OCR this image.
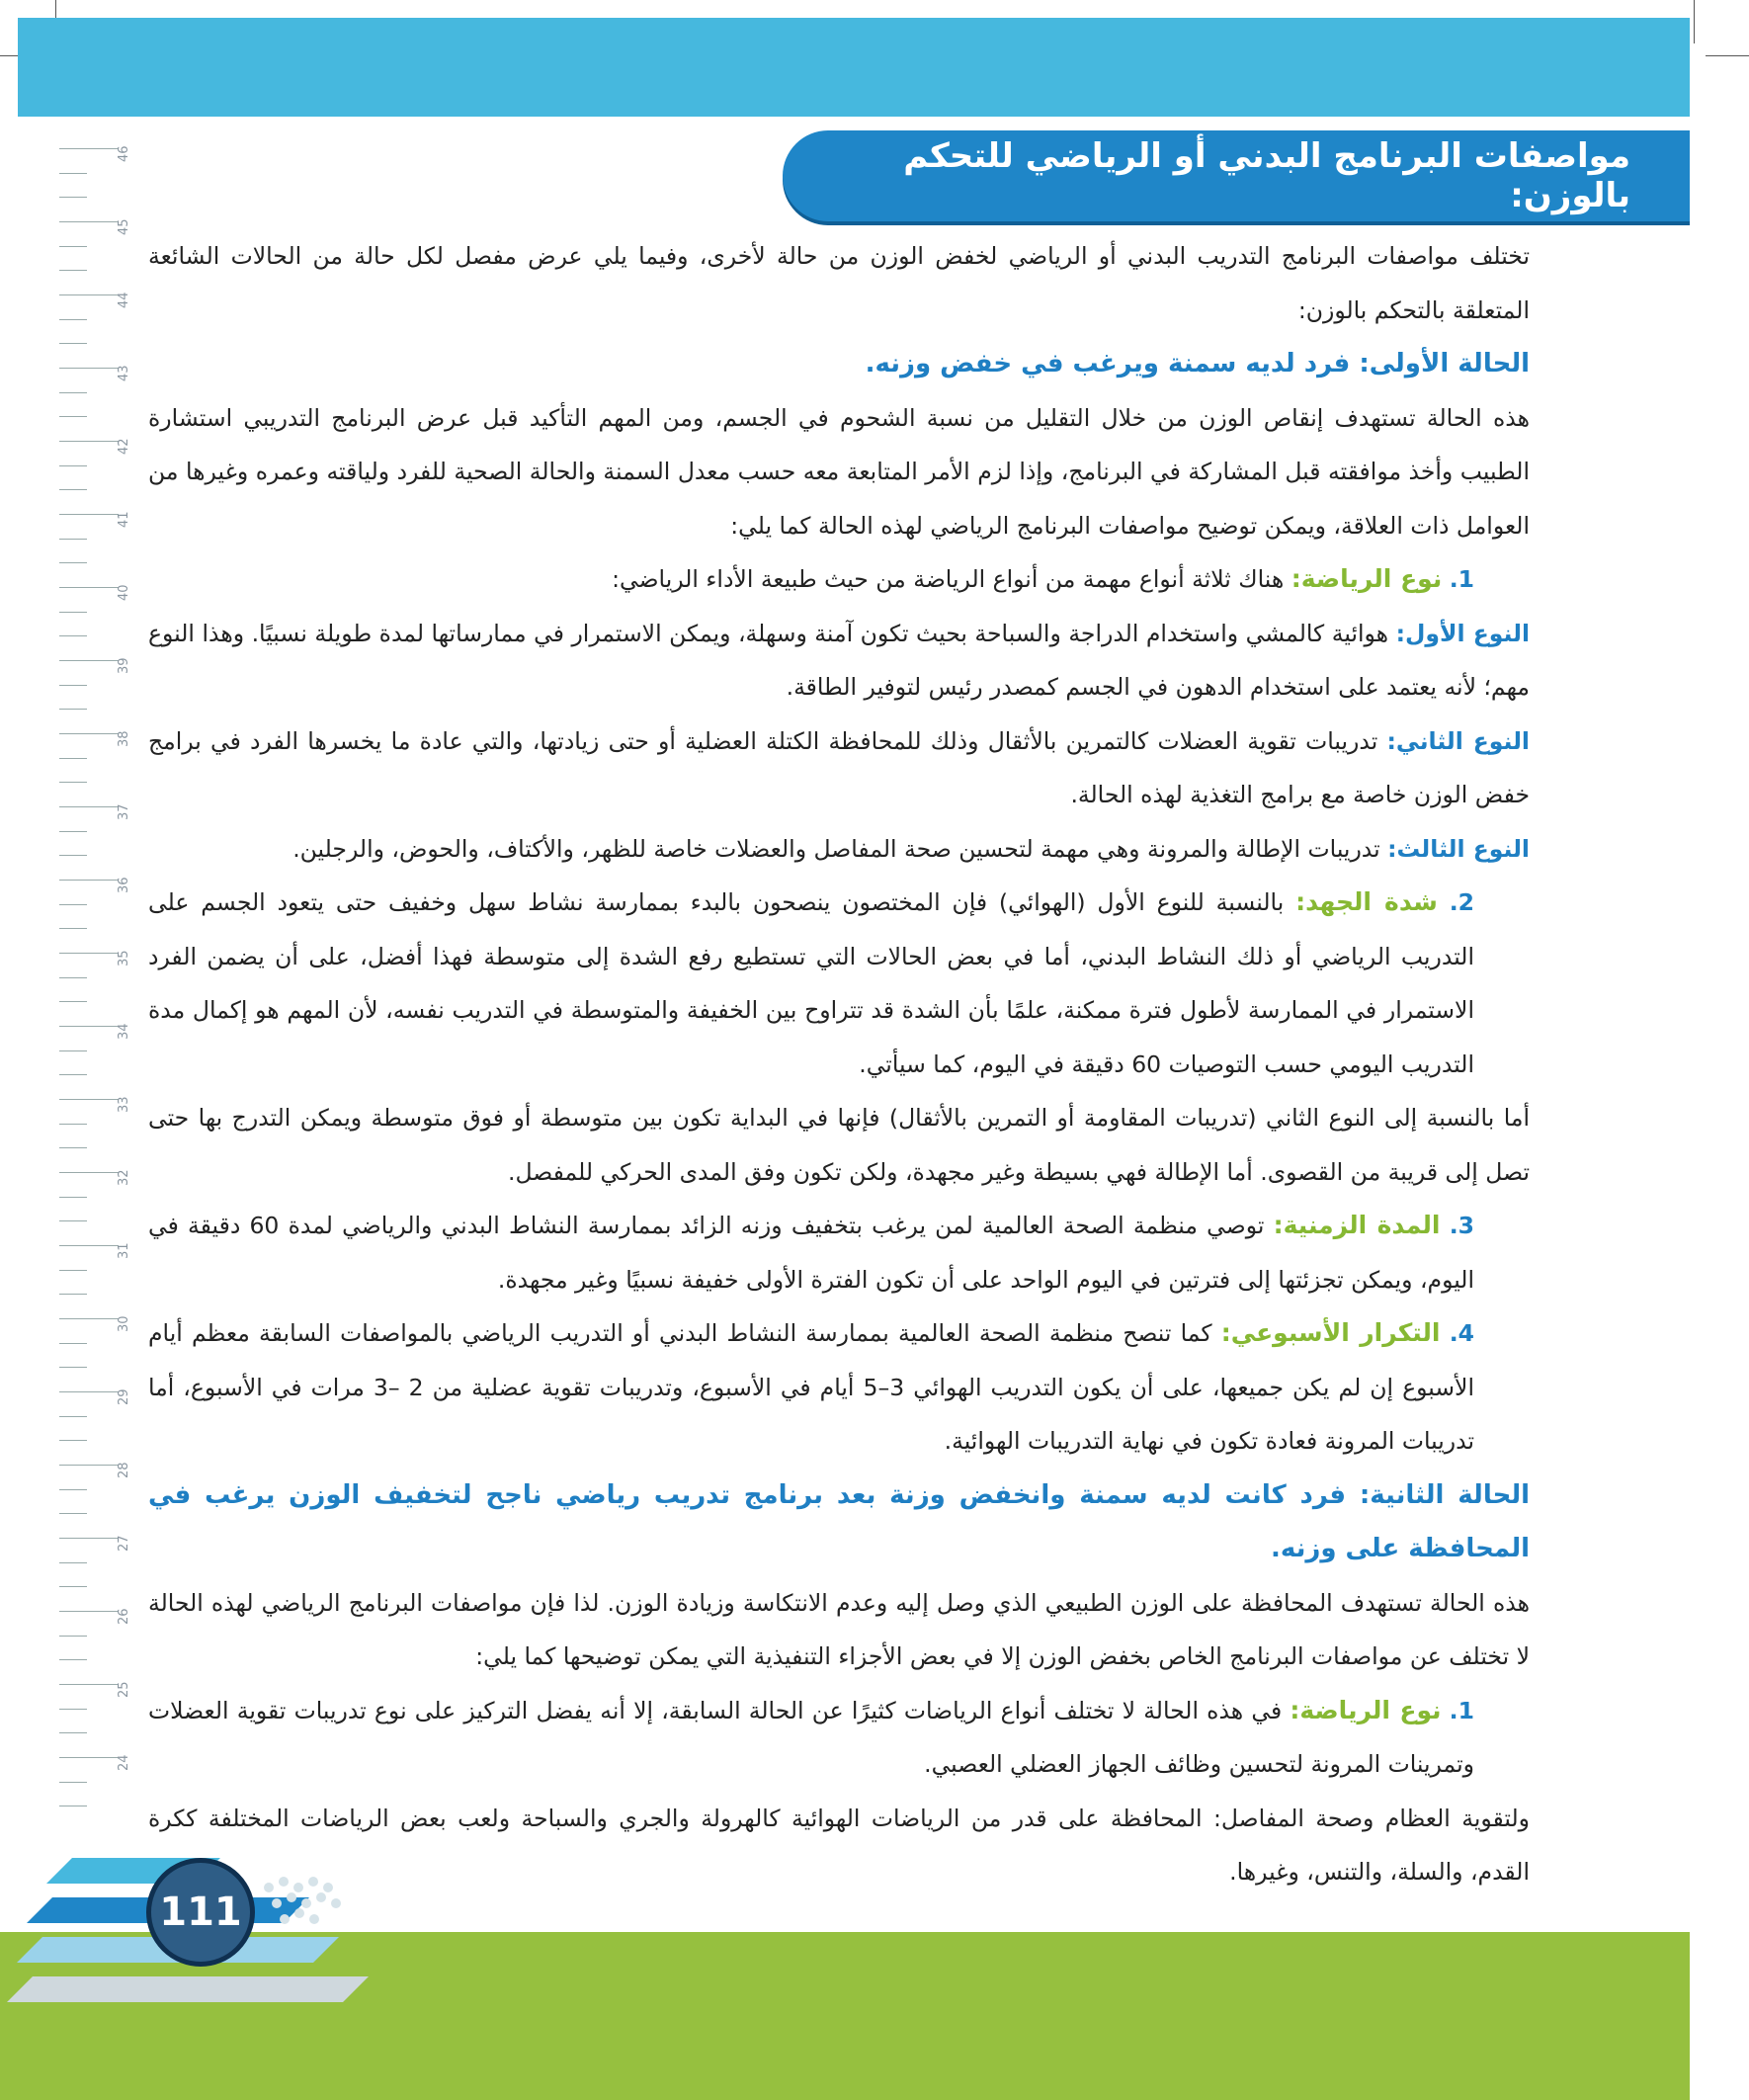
46
45
44
43
42
41
40
39
38
37
36
35
34
33
32
31
30
29
28
27
26
25
24
مواصفات البرنامج البدني أو الرياضي للتحكم بالوزن:

تختلف مواصفات البرنامج التدريب البدني أو الرياضي لخفض الوزن من حالة لأخرى، وفيما يلي عرض مفصل لكل حالة من الحالات الشائعة المتعلقة بالتحكم بالوزن:

الحالة الأولى: فرد لديه سمنة ويرغب في خفض وزنه.

هذه الحالة تستهدف إنقاص الوزن من خلال التقليل من نسبة الشحوم في الجسم، ومن المهم التأكيد قبل عرض البرنامج التدريبي استشارة الطبيب وأخذ موافقته قبل المشاركة في البرنامج، وإذا لزم الأمر المتابعة معه حسب معدل السمنة والحالة الصحية للفرد ولياقته وعمره وغيرها من العوامل ذات العلاقة، ويمكن توضيح مواصفات البرنامج الرياضي لهذه الحالة كما يلي:

1. نوع الرياضة: هناك ثلاثة أنواع مهمة من أنواع الرياضة من حيث طبيعة الأداء الرياضي:

النوع الأول: هوائية كالمشي واستخدام الدراجة والسباحة بحيث تكون آمنة وسهلة، ويمكن الاستمرار في ممارساتها لمدة طويلة نسبيًا. وهذا النوع مهم؛ لأنه يعتمد على استخدام الدهون في الجسم كمصدر رئيس لتوفير الطاقة.

النوع الثاني: تدريبات تقوية العضلات كالتمرين بالأثقال وذلك للمحافظة الكتلة العضلية أو حتى زيادتها، والتي عادة ما يخسرها الفرد في برامج خفض الوزن خاصة مع برامج التغذية لهذه الحالة.

النوع الثالث: تدريبات الإطالة والمرونة وهي مهمة لتحسين صحة المفاصل والعضلات خاصة للظهر، والأكتاف، والحوض، والرجلين.

2. شدة الجهد: بالنسبة للنوع الأول (الهوائي) فإن المختصون ينصحون بالبدء بممارسة نشاط سهل وخفيف حتى يتعود الجسم على التدريب الرياضي أو ذلك النشاط البدني، أما في بعض الحالات التي تستطيع رفع الشدة إلى متوسطة فهذا أفضل، على أن يضمن الفرد الاستمرار في الممارسة لأطول فترة ممكنة، علمًا بأن الشدة قد تتراوح بين الخفيفة والمتوسطة في التدريب نفسه، لأن المهم هو إكمال مدة التدريب اليومي حسب التوصيات 60 دقيقة في اليوم، كما سيأتي.

أما بالنسبة إلى النوع الثاني (تدريبات المقاومة أو التمرين بالأثقال) فإنها في البداية تكون بين متوسطة أو فوق متوسطة ويمكن التدرج بها حتى تصل إلى قريبة من القصوى. أما الإطالة فهي بسيطة وغير مجهدة، ولكن تكون وفق المدى الحركي للمفصل.

3. المدة الزمنية: توصي منظمة الصحة العالمية لمن يرغب بتخفيف وزنه الزائد بممارسة النشاط البدني والرياضي لمدة 60 دقيقة في اليوم، ويمكن تجزئتها إلى فترتين في اليوم الواحد على أن تكون الفترة الأولى خفيفة نسبيًا وغير مجهدة.

4. التكرار الأسبوعي: كما تنصح منظمة الصحة العالمية بممارسة النشاط البدني أو التدريب الرياضي بالمواصفات السابقة معظم أيام الأسبوع إن لم يكن جميعها، على أن يكون التدريب الهوائي 3–5 أيام في الأسبوع، وتدريبات تقوية عضلية من 2 –3 مرات في الأسبوع، أما تدريبات المرونة فعادة تكون في نهاية التدريبات الهوائية.

الحالة الثانية: فرد كانت لديه سمنة وانخفض وزنة بعد برنامج تدريب رياضي ناجح لتخفيف الوزن يرغب في المحافظة على وزنه.

هذه الحالة تستهدف المحافظة على الوزن الطبيعي الذي وصل إليه وعدم الانتكاسة وزيادة الوزن. لذا فإن مواصفات البرنامج الرياضي لهذه الحالة لا تختلف عن مواصفات البرنامج الخاص بخفض الوزن إلا في بعض الأجزاء التنفيذية التي يمكن توضيحها كما يلي:

1. نوع الرياضة: في هذه الحالة لا تختلف أنواع الرياضات كثيرًا عن الحالة السابقة، إلا أنه يفضل التركيز على نوع تدريبات تقوية العضلات وتمرينات المرونة لتحسين وظائف الجهاز العضلي العصبي.

ولتقوية العظام وصحة المفاصل: المحافظة على قدر من الرياضات الهوائية كالهرولة والجري والسباحة ولعب بعض الرياضات المختلفة ككرة القدم، والسلة، والتنس، وغيرها.

111
